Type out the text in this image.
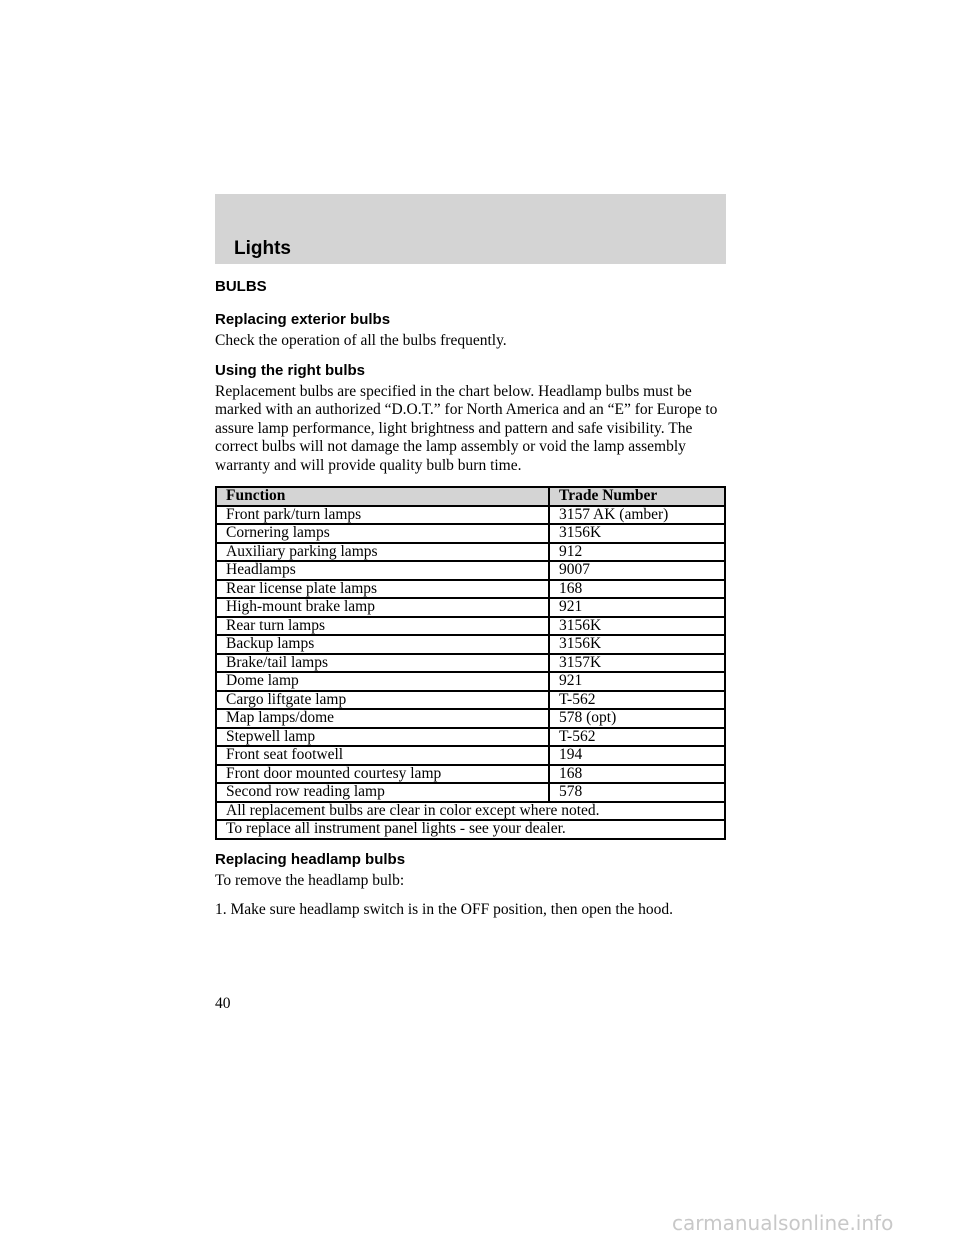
Lights
BULBS
Replacing exterior bulbs

Check the operation of all the bulbs frequently.

Using the right bulbs

Replacement bulbs are specified in the chart below. Headlamp bulbs must be marked with an authorized “D.O.T.” for North America and an “E” for Europe to assure lamp performance, light brightness and pattern and safe visibility. The correct bulbs will not damage the lamp assembly or void the lamp assembly warranty and will provide quality bulb burn time.

Function	Trade Number
Front park/turn lamps	3157 AK (amber)
Cornering lamps	3156K
Auxiliary parking lamps	912
Headlamps	9007
Rear license plate lamps	168
High-mount brake lamp	921
Rear turn lamps	3156K
Backup lamps	3156K
Brake/tail lamps	3157K
Dome lamp	921
Cargo liftgate lamp	T-562
Map lamps/dome	578 (opt)
Stepwell lamp	T-562
Front seat footwell	194
Front door mounted courtesy lamp	168
Second row reading lamp	578
All replacement bulbs are clear in color except where noted.	
To replace all instrument panel lights - see your dealer.	
Replacing headlamp bulbs

To remove the headlamp bulb:

1. Make sure headlamp switch is in the OFF position, then open the hood.

40
carmanualsonline.info
